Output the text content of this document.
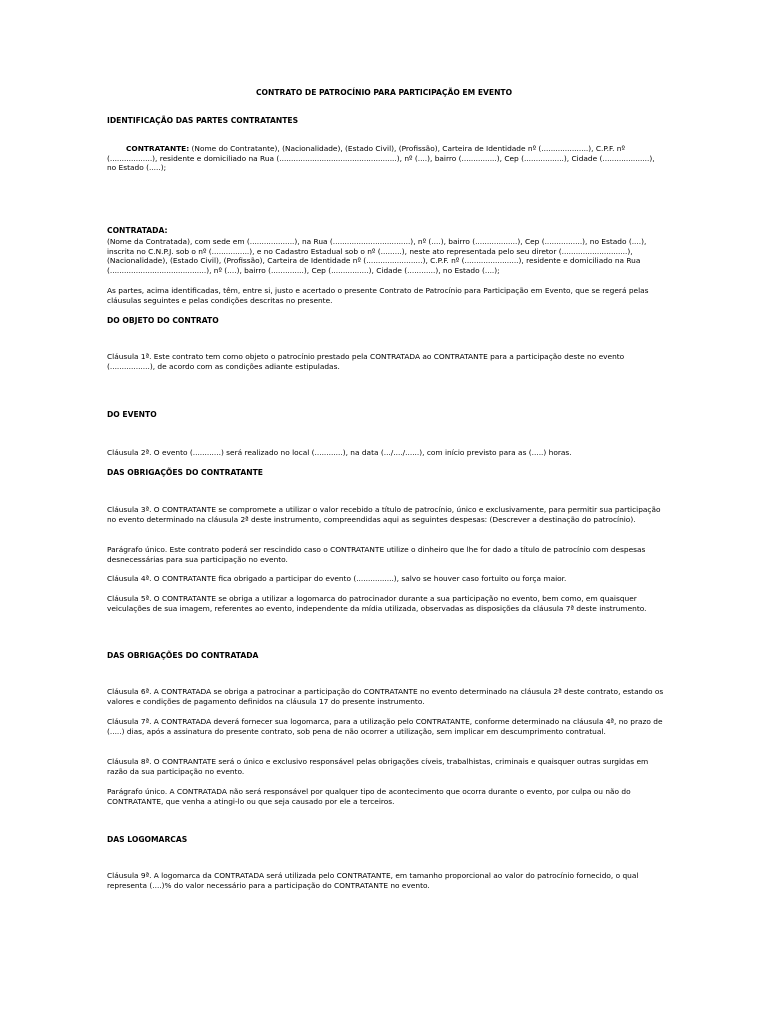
CONTRATO DE PATROCÍNIO PARA PARTICIPAÇÃO EM EVENTO
IDENTIFICAÇÃO DAS PARTES CONTRATANTES

CONTRATANTE: (Nome do Contratante), (Nacionalidade), (Estado Civil), (Profissão), Carteira de Identidade nº (....................), C.P.F. nº (..................), residente e domiciliado na Rua (..................................................), nº (....), bairro (...............), Cep (.................), Cidade (....................), no Estado (.....);

CONTRATADA:

(Nome da Contratada), com sede em (...................), na Rua (.................................), nº (....), bairro (..................), Cep (................), no Estado (....), inscrita no C.N.P.J. sob o nº (................), e no Cadastro Estadual sob o nº (.........), neste ato representada pelo seu diretor (............................), (Nacionalidade), (Estado Civil), (Profissão), Carteira de Identidade nº (........................), C.P.F. nº (.......................), residente e domiciliado na Rua (.........................................), nº (....), bairro (..............), Cep (................), Cidade (............), no Estado (....);

As partes, acima identificadas, têm, entre si, justo e acertado o presente Contrato de Patrocínio para Participação em Evento, que se regerá pelas cláusulas seguintes e pelas condições descritas no presente.

DO OBJETO DO CONTRATO

Cláusula 1ª. Este contrato tem como objeto o patrocínio prestado pela CONTRATADA ao CONTRATANTE para a participação deste no evento (.................), de acordo com as condições adiante estipuladas.

DO EVENTO

Cláusula 2ª. O evento (............) será realizado no local (............), na data (.../..../......), com início previsto para as (.....) horas.

DAS OBRIGAÇÕES DO CONTRATANTE

Cláusula 3ª. O CONTRATANTE se compromete a utilizar o valor recebido a título de patrocínio, único e exclusivamente, para permitir sua participação no evento determinado na cláusula 2ª deste instrumento, compreendidas aqui as seguintes despesas: (Descrever a destinação do patrocínio).

Parágrafo único. Este contrato poderá ser rescindido caso o CONTRATANTE utilize o dinheiro que lhe for dado a título de patrocínio com despesas desnecessárias para sua participação no evento.

Cláusula 4ª. O CONTRATANTE fica obrigado a participar do evento (................), salvo se houver caso fortuito ou força maior.

Cláusula 5ª. O CONTRATANTE se obriga a utilizar a logomarca do patrocinador durante a sua participação no evento, bem como, em quaisquer veiculações de sua imagem, referentes ao evento, independente da mídia utilizada, observadas as disposições da cláusula 7ª deste instrumento.

DAS OBRIGAÇÕES DO CONTRATADA

Cláusula 6ª. A CONTRATADA se obriga a patrocinar a participação do CONTRATANTE no evento determinado na cláusula 2ª deste contrato, estando os valores e condições de pagamento definidos na cláusula 17 do presente instrumento.

Cláusula 7ª. A CONTRATADA deverá fornecer sua logomarca, para a utilização pelo CONTRATANTE, conforme determinado na cláusula 4ª, no prazo de (.....) dias, após a assinatura do presente contrato, sob pena de não ocorrer a utilização, sem implicar em descumprimento contratual.

Cláusula 8ª. O CONTRANTATE será o único e exclusivo responsável pelas obrigações cíveis, trabalhistas, criminais e quaisquer outras surgidas em razão da sua participação no evento.

Parágrafo único. A CONTRATADA não será responsável por qualquer tipo de acontecimento que ocorra durante o evento, por culpa ou não do CONTRATANTE, que venha a atingi-lo ou que seja causado por ele a terceiros.

DAS LOGOMARCAS

Cláusula 9ª. A logomarca da CONTRATADA será utilizada pelo CONTRATANTE, em tamanho proporcional ao valor do patrocínio fornecido, o qual representa (....)% do valor necessário para a participação do CONTRATANTE no evento.
